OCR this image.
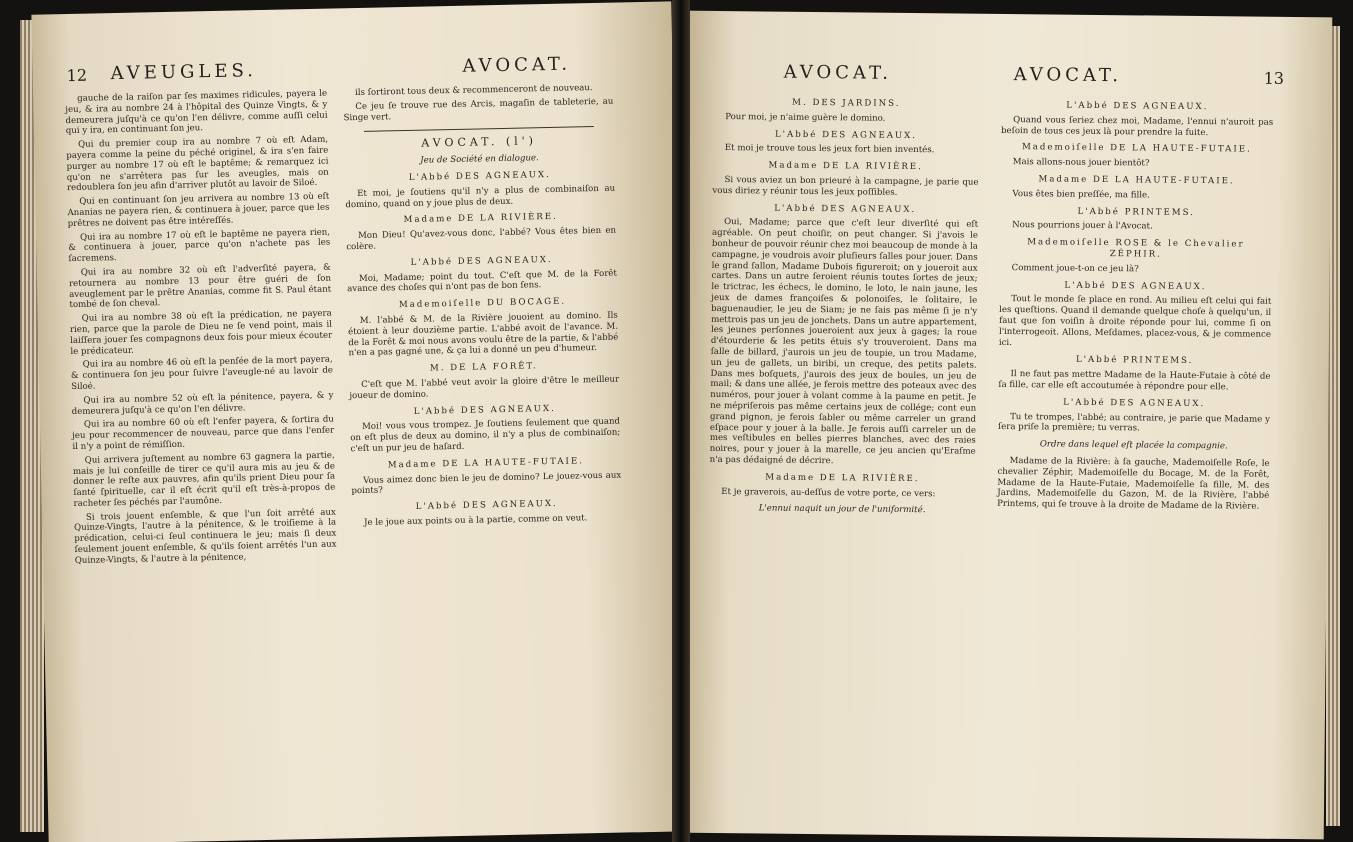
12 AVEUGLES.	AVOCAT.

gauche de la raiſon par ſes maximes ridicules, payera le jeu, & ira au nombre 24 à l'hôpital des Quinze Vingts, & y demeurera juſqu'à ce qu'on l'en délivre, comme auſſi celui qui y ira, en continuant ſon jeu.

Qui du premier coup ira au nombre 7 où eſt Adam, payera comme la peine du péché originel, & ira s'en faire purger au nombre 17 où eſt le baptême; & remarquez ici qu'on ne s'arrêtera pas ſur les aveugles, mais on redoublera ſon jeu afin d'arriver plutôt au lavoir de Siloé.

Qui en continuant ſon jeu arrivera au nombre 13 où eſt Ananias ne payera rien, & continuera à jouer, parce que les prêtres ne doivent pas être intéreſſés.

Qui ira au nombre 17 où eſt le baptême ne payera rien, & continuera à jouer, parce qu'on n'achete pas les ſacremens.

Qui ira au nombre 32 où eſt l'adverſité payera, & retournera au nombre 13 pour être guéri de ſon aveuglement par le prêtre Ananias, comme fit S. Paul étant tombé de ſon cheval.

Qui ira au nombre 38 où eſt la prédication, ne payera rien, parce que la parole de Dieu ne ſe vend point, mais il laiſſera jouer ſes compagnons deux fois pour mieux écouter le prédicateur.

Qui ira au nombre 46 où eſt la penſée de la mort payera, & continuera ſon jeu pour ſuivre l'aveugle-né au lavoir de Siloé.

Qui ira au nombre 52 où eſt la pénitence, payera, & y demeurera juſqu'à ce qu'on l'en délivre.

Qui ira au nombre 60 où eſt l'enfer payera, & ſortira du jeu pour recommencer de nouveau, parce que dans l'enfer il n'y a point de rémiſſion.

Qui arrivera juſtement au nombre 63 gagnera la partie, mais je lui conſeille de tirer ce qu'il aura mis au jeu & de donner le reſte aux pauvres, afin qu'ils prient Dieu pour ſa ſanté ſpirituelle, car il eſt écrit qu'il eſt très-à-propos de racheter ſes péchés par l'aumône.

Si trois jouent enſemble, & que l'un ſoit arrêté aux Quinze-Vingts, l'autre à la pénitence, & le troiſieme à la prédication, celui-ci ſeul continuera le jeu; mais ſi deux ſeulement jouent enſemble, & qu'ils ſoient arrêtés l'un aux Quinze-Vingts, & l'autre à la pénitence,

ils ſortiront tous deux & recommenceront de nouveau.

Ce jeu ſe trouve rue des Arcis, magaſin de tableterie, au Singe vert.

AVOCAT. (l')
Jeu de Société en dialogue.

L'Abbé DES AGNEAUX.

Et moi, je ſoutiens qu'il n'y a plus de combinaiſon au domino, quand on y joue plus de deux.

Madame DE LA RIVIÈRE.

Mon Dieu! Qu'avez-vous donc, l'abbé? Vous êtes bien en colère.

L'Abbé DES AGNEAUX.

Moi, Madame; point du tout. C'eſt que M. de la Forêt avance des choſes qui n'ont pas de bon ſens.

Mademoiſelle DU BOCAGE.

M. l'abbé & M. de la Rivière jouoient au domino. Ils étoient à leur douzième partie. L'abbé avoit de l'avance. M. de la Forêt & moi nous avons voulu être de la partie, & l'abbé n'en a pas gagné une, & ça lui a donné un peu d'humeur.

M. DE LA FORÊT.

C'eſt que M. l'abbé veut avoir la gloire d'être le meilleur joueur de domino.

L'Abbé DES AGNEAUX.

Moi! vous vous trompez. Je ſoutiens ſeulement que quand on eſt plus de deux au domino, il n'y a plus de combinaiſon; c'eſt un pur jeu de haſard.

Madame DE LA HAUTE-FUTAIE.

Vous aimez donc bien le jeu de domino? Le jouez-vous aux points?

L'Abbé DES AGNEAUX.

Je le joue aux points ou à la partie, comme on veut.

AVOCAT.	AVOCAT.	13

M. DES JARDINS.

Pour moi, je n'aime guère le domino.

L'Abbé DES AGNEAUX.

Et moi je trouve tous les jeux fort bien inventés.

Madame DE LA RIVIÈRE.

Si vous aviez un bon prieuré à la campagne, je parie que vous diriez y réunir tous les jeux poſſibles.

L'Abbé DES AGNEAUX.

Oui, Madame; parce que c'eſt leur diverſité qui eſt agréable. On peut choiſir, on peut changer. Si j'avois le bonheur de pouvoir réunir chez moi beaucoup de monde à la campagne, je voudrois avoir pluſieurs ſalles pour jouer. Dans le grand ſallon, Madame Dubois figureroit; on y joueroit aux cartes. Dans un autre ſeroient réunis toutes ſortes de jeux; le trictrac, les échecs, le domino, le loto, le nain jaune, les jeux de dames françoiſes & polonoiſes, le ſolitaire, le baguenaudier, le jeu de Siam; je ne ſais pas même ſi je n'y mettrois pas un jeu de jonchets. Dans un autre appartement, les jeunes perſonnes joueroient aux jeux à gages; la roue d'étourderie & les petits étuis s'y trouveroient. Dans ma ſalle de billard, j'aurois un jeu de toupie, un trou Madame, un jeu de gallets, un biribi, un creque, des petits palets. Dans mes boſquets, j'aurois des jeux de boules, un jeu de mail; & dans une allée, je ferois mettre des poteaux avec des numéros, pour jouer à volant comme à la paume en petit. Je ne mépriſerois pas même certains jeux de collége; cont eun grand pignon, je ferois ſabler ou même carreler un grand eſpace pour y jouer à la balle. Je ferois auſſi carreler un de mes veſtibules en belles pierres blanches, avec des raies noires, pour y jouer à la marelle, ce jeu ancien qu'Eraſme n'a pas dédaigné de décrire.

Madame DE LA RIVIÈRE.

Et je graverois, au-deſſus de votre porte, ce vers:

L'ennui naquit un jour de l'uniformité.

L'Abbé DES AGNEAUX.

Quand vous ſeriez chez moi, Madame, l'ennui n'auroit pas beſoin de tous ces jeux là pour prendre la fuite.

Mademoiſelle DE LA HAUTE-FUTAIE.

Mais allons-nous jouer bientôt?

Madame DE LA HAUTE-FUTAIE.

Vous êtes bien preſſée, ma fille.

L'Abbé PRINTEMS.

Nous pourrions jouer à l'Avocat.

Mademoiſelle ROSE & le Chevalier ZÉPHIR.

Comment joue-t-on ce jeu là?

L'Abbé DES AGNEAUX.

Tout le monde ſe place en rond. Au milieu eſt celui qui fait les queſtions. Quand il demande quelque choſe à quelqu'un, il faut que ſon voiſin à droite réponde pour lui, comme ſi on l'interrogeoit. Allons, Meſdames, placez-vous, & je commence ici.

L'Abbé PRINTEMS.

Il ne faut pas mettre Madame de la Haute-Futaie à côté de ſa fille, car elle eſt accoutumée à répondre pour elle.

L'Abbé DES AGNEAUX.

Tu te trompes, l'abbé; au contraire, je parie que Madame y ſera priſe la première; tu verras.

Ordre dans lequel eſt placée la compagnie.

Madame de la Rivière: à ſa gauche, Mademoiſelle Roſe, le chevalier Zéphir, Mademoiſelle du Bocage, M. de la Forêt, Madame de la Haute-Futaie, Mademoiſelle ſa fille, M. des Jardins, Mademoiſelle du Gazon, M. de la Rivière, l'abbé Printems, qui ſe trouve à la droite de Madame de la Rivière.
